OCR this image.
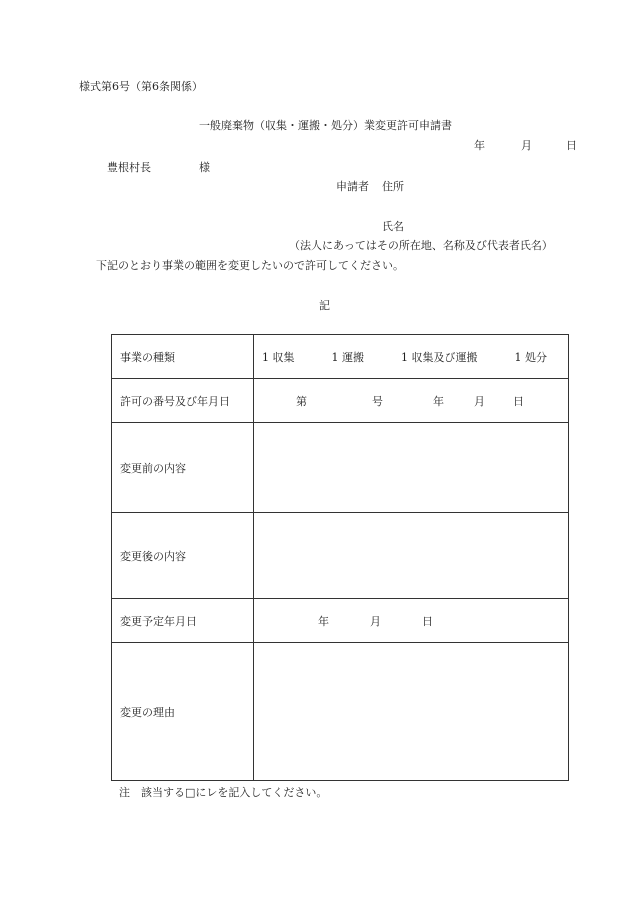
様式第6号（第6条関係）
一般廃棄物（収集・運搬・処分）業変更許可申請書
年	月	日
豊根村長	様
申請者 住所
氏名
（法人にあってはその所在地、名称及び代表者氏名）
下記のとおり事業の範囲を変更したいので許可してください。
記
事業の種類	1 収集 1 運搬 1 収集及び運搬 1 処分
許可の番号及び年月日	第 号 年 月 日
変更前の内容	
変更後の内容	
変更予定年月日	年 月 日
変更の理由	
注　該当する□にレを記入してください。
